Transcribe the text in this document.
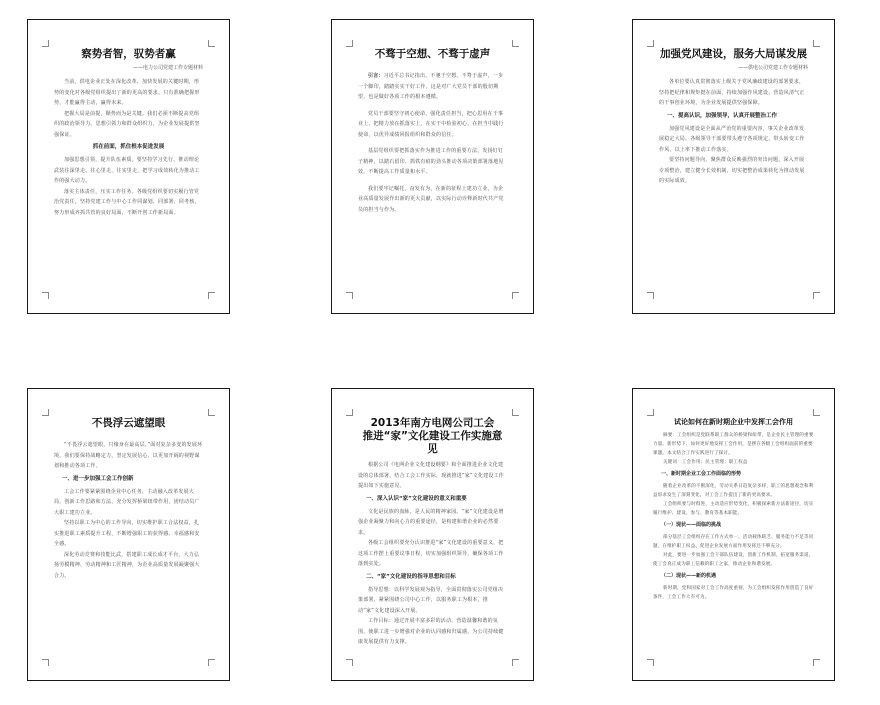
察势者智，驭势者赢
——电力公司党建工作专题材料

当前，供电企业正处在深化改革、加快发展的关键时期，形势的变化对各级党组织提出了新的更高的要求。只有准确把握形势，才能赢得主动，赢得未来。

把握大局是前提，顺势而为是关键。我们必须不断提高党组织的政治领导力、思想引领力和群众组织力，为企业发展提供坚强保证。

抓在前面，抓住根本促进发展

加强思想引领，提升队伍素质。要坚持学习先行，推动理论武装往深里走、往心里走、往实里走，把学习成效转化为推动工作的强大动力。

落实主体责任，压实工作任务。各级党组织要切实履行管党治党责任，坚持党建工作与中心工作同谋划、同部署、同考核，努力形成齐抓共管的良好局面，不断开创工作新局面。

不骛于空想、不骛于虚声

引言：习近平总书记指出，不驰于空想、不骛于虚声，一步一个脚印，踏踏实实干好工作。这是对广大党员干部的殷切期望，也是做好各项工作的根本遵循。

党员干部要坚守初心使命，强化责任担当，把心思用在干事业上，把精力放在抓落实上，在实干中检验初心，在担当中践行使命，以优异成绩回报组织和群众的信任。

基层党组织要把抓落实作为推进工作的重要方法，发扬钉钉子精神，以踏石留印、抓铁有痕的劲头推动各项决策部署落地见效，不断提高工作质量和水平。

我们要牢记嘱托，奋发有为，在新的征程上建功立业，为企业高质量发展作出新的更大贡献，以实际行动诠释新时代共产党员的担当与作为。

加强党风建设，服务大局谋发展
——供电公司党建工作专题材料

各单位要认真贯彻落实上级关于党风廉政建设的部署要求，坚持把纪律和规矩挺在前面，持续加强作风建设，营造风清气正的干事创业环境，为企业发展提供坚强保障。

一、提高认识，加强领导，认真开展整治工作

加强党风建设是全面从严治党的重要内容，事关企业改革发展稳定大局。各级领导干部要带头遵守各项规定，带头转变工作作风，以上率下推动工作落实。

要坚持问题导向，聚焦群众反映强烈的突出问题，深入开展专项整治，建立健全长效机制，切实把整治成果转化为推动发展的实际成效。

不畏浮云遮望眼

“不畏浮云遮望眼，只缘身在最高层。”面对复杂多变的发展环境，我们要保持战略定力，坚定发展信心，以更加开阔的视野谋划和推动各项工作。

一、进一步加强工会工作创新

工会工作要紧紧围绕企业中心任务，主动融入改革发展大局，创新工作思路和方法，充分发挥桥梁纽带作用，团结动员广大职工建功立业。

坚持以职工为中心的工作导向，切实维护职工合法权益，扎实推进职工素质提升工程，不断增强职工的获得感、幸福感和安全感。

深化劳动竞赛和技能比武，搭建职工成长成才平台，大力弘扬劳模精神、劳动精神和工匠精神，为企业高质量发展凝聚强大合力。

2013年南方电网公司工会
推进“家”文化建设工作实施意见

根据公司《电网企业文化建设纲要》和全面推进企业文化建设的总体部署，结合工会工作实际，现就推进“家”文化建设工作提出如下实施意见。

一、深入认识“家”文化建设的意义和重要

文化是民族的血脉，是人民的精神家园。“家”文化建设是增强企业凝聚力和向心力的重要途径，是构建和谐企业的必然要求。

各级工会组织要充分认识推进“家”文化建设的重要意义，把这项工作摆上重要议事日程，切实加强组织领导，确保各项工作落到实处。

二、“家”文化建设的指导思想和目标

指导思想：以科学发展观为指导，全面贯彻落实公司党组决策部署，紧紧围绕公司中心工作，以服务职工为根本，推动“家”文化建设深入开展。

工作目标：通过开展丰富多彩的活动，营造温馨和谐的氛围，使职工进一步增强对企业的认同感和归属感，为公司持续健康发展提供有力支撑。

试论如何在新时期企业中发挥工会作用

摘要：工会组织是党联系职工群众的桥梁和纽带，是企业民主管理的重要力量。新形势下，如何更好地发挥工会作用，是摆在各级工会组织面前的重要课题。本文结合工作实践进行了探讨。

关键词：工会作用；民主管理；职工权益

一、新时期企业工会工作面临的形势

随着企业改革的不断深化，劳动关系日趋复杂多样，职工的思想观念和利益诉求发生了深刻变化，对工会工作提出了新的更高要求。

工会组织要与时俱进，主动适应形势变化，积极探索新方法新途径，切实履行维护、建设、参与、教育等基本职能。

（一）现状——面临的挑战

部分基层工会组织存在工作方式单一、活动载体缺乏、服务能力不足等问题，在维护职工权益、促进企业发展方面作用发挥还不够充分。

对此，要进一步加强工会干部队伍建设，创新工作机制，拓宽服务渠道，使工会真正成为职工信赖的职工之家，推动企业和谐发展。

（二）现状——新的机遇

新时期，党和国家对工会工作高度重视，为工会组织发挥作用创造了良好条件，工会工作大有可为。
